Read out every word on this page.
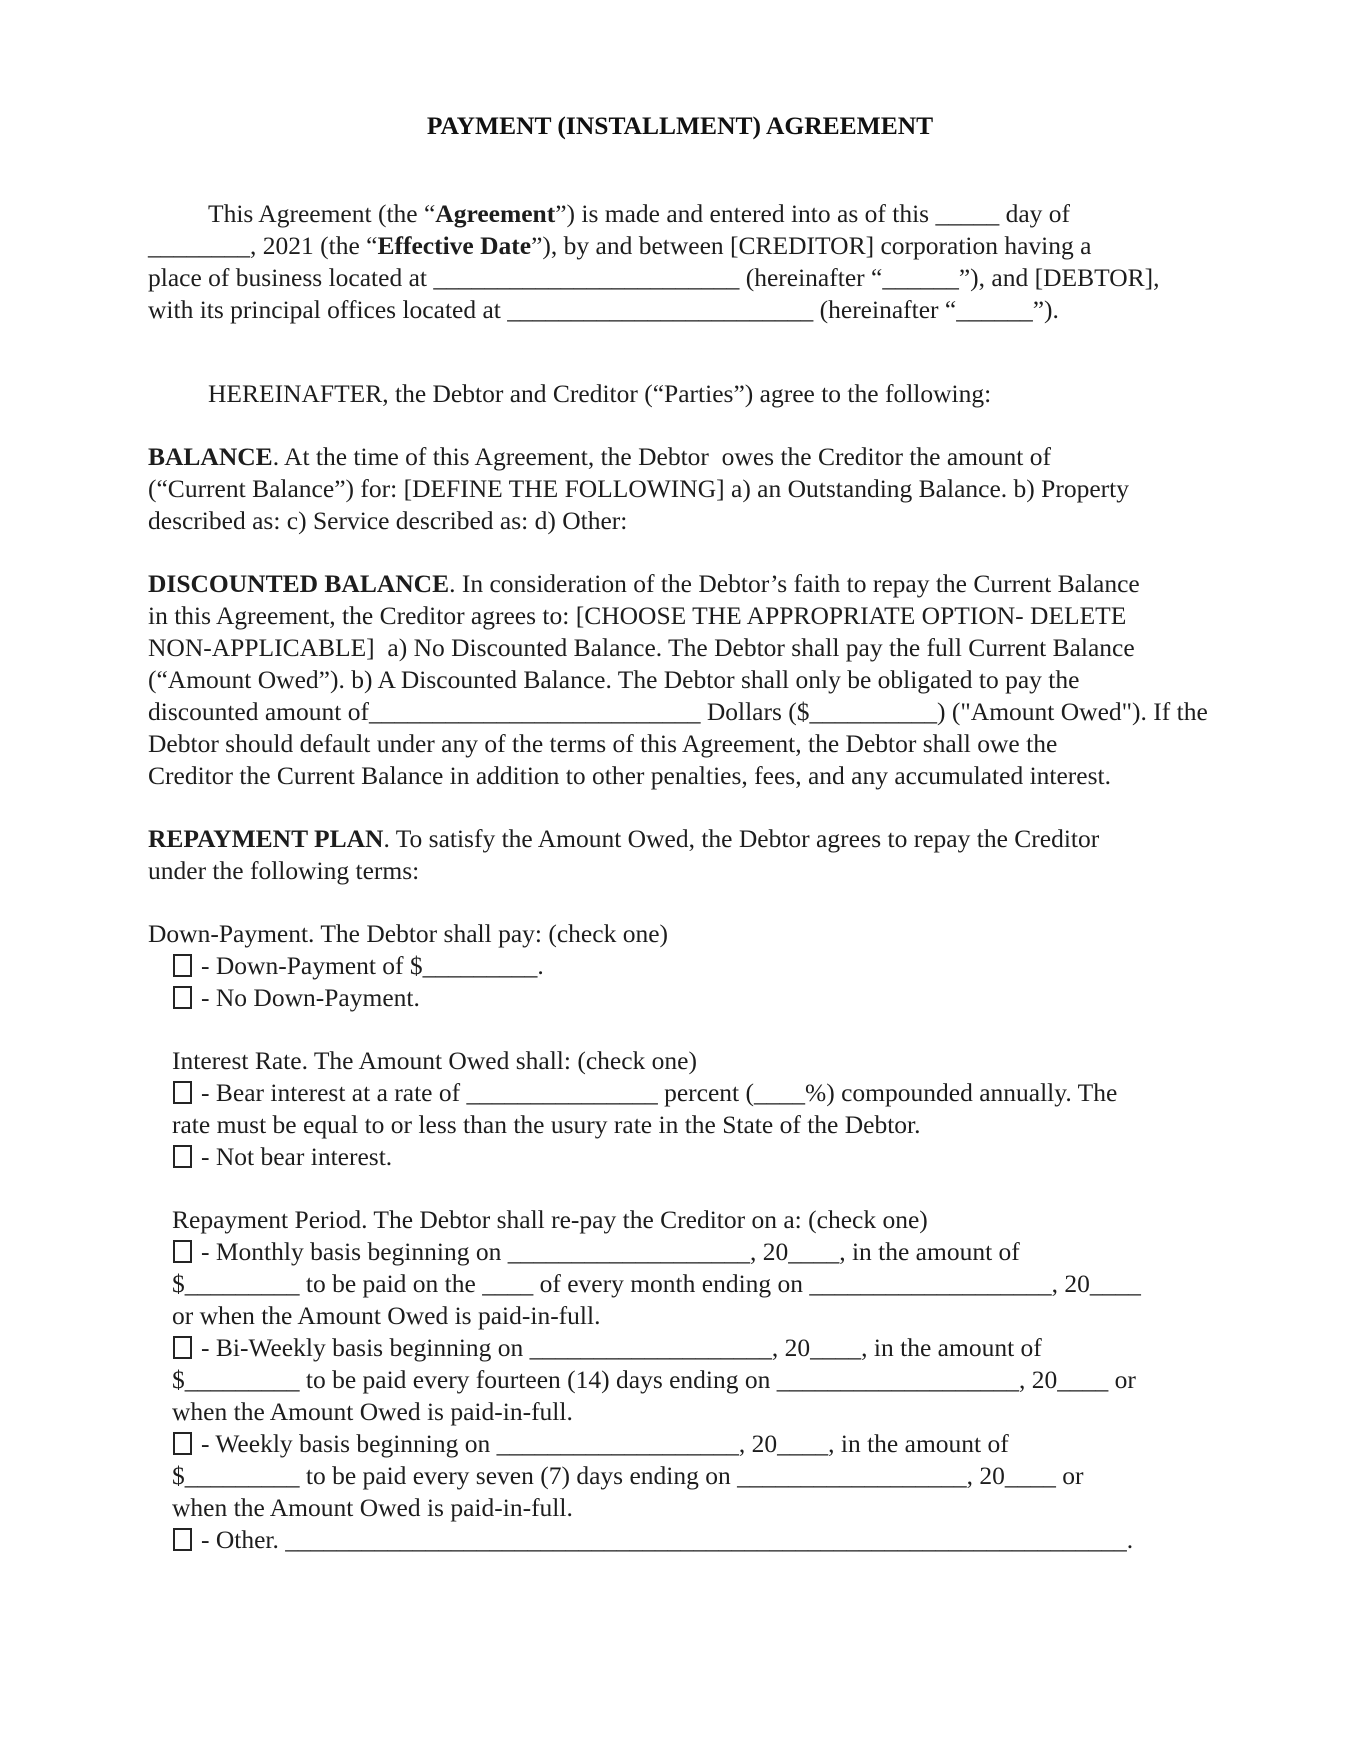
PAYMENT (INSTALLMENT) AGREEMENT
This Agreement (the “Agreement”) is made and entered into as of this _____ day of
________, 2021 (the “Effective Date”), by and between [CREDITOR] corporation having a
place of business located at ________________________ (hereinafter “______”), and [DEBTOR],
with its principal offices located at ________________________ (hereinafter “______”).
HEREINAFTER, the Debtor and Creditor (“Parties”) agree to the following:
BALANCE. At the time of this Agreement, the Debtor  owes the Creditor the amount of
(“Current Balance”) for: [DEFINE THE FOLLOWING] a) an Outstanding Balance. b) Property
described as: c) Service described as: d) Other:
DISCOUNTED BALANCE. In consideration of the Debtor’s faith to repay the Current Balance
in this Agreement, the Creditor agrees to: [CHOOSE THE APPROPRIATE OPTION- DELETE
NON-APPLICABLE]  a) No Discounted Balance. The Debtor shall pay the full Current Balance
(“Amount Owed”). b) A Discounted Balance. The Debtor shall only be obligated to pay the
discounted amount of__________________________ Dollars ($__________) ("Amount Owed"). If the
Debtor should default under any of the terms of this Agreement, the Debtor shall owe the
Creditor the Current Balance in addition to other penalties, fees, and any accumulated interest.
REPAYMENT PLAN. To satisfy the Amount Owed, the Debtor agrees to repay the Creditor
under the following terms:
Down-Payment. The Debtor shall pay: (check one)
- Down-Payment of $_________.
- No Down-Payment.
Interest Rate. The Amount Owed shall: (check one)
- Bear interest at a rate of _______________ percent (____%) compounded annually. The
rate must be equal to or less than the usury rate in the State of the Debtor.
- Not bear interest.
Repayment Period. The Debtor shall re-pay the Creditor on a: (check one)
- Monthly basis beginning on ___________________, 20____, in the amount of
$_________ to be paid on the ____ of every month ending on ___________________, 20____
or when the Amount Owed is paid-in-full.
- Bi-Weekly basis beginning on ___________________, 20____, in the amount of
$_________ to be paid every fourteen (14) days ending on ___________________, 20____ or
when the Amount Owed is paid-in-full.
- Weekly basis beginning on ___________________, 20____, in the amount of
$_________ to be paid every seven (7) days ending on __________________, 20____ or
when the Amount Owed is paid-in-full.
- Other. __________________________________________________________________.
